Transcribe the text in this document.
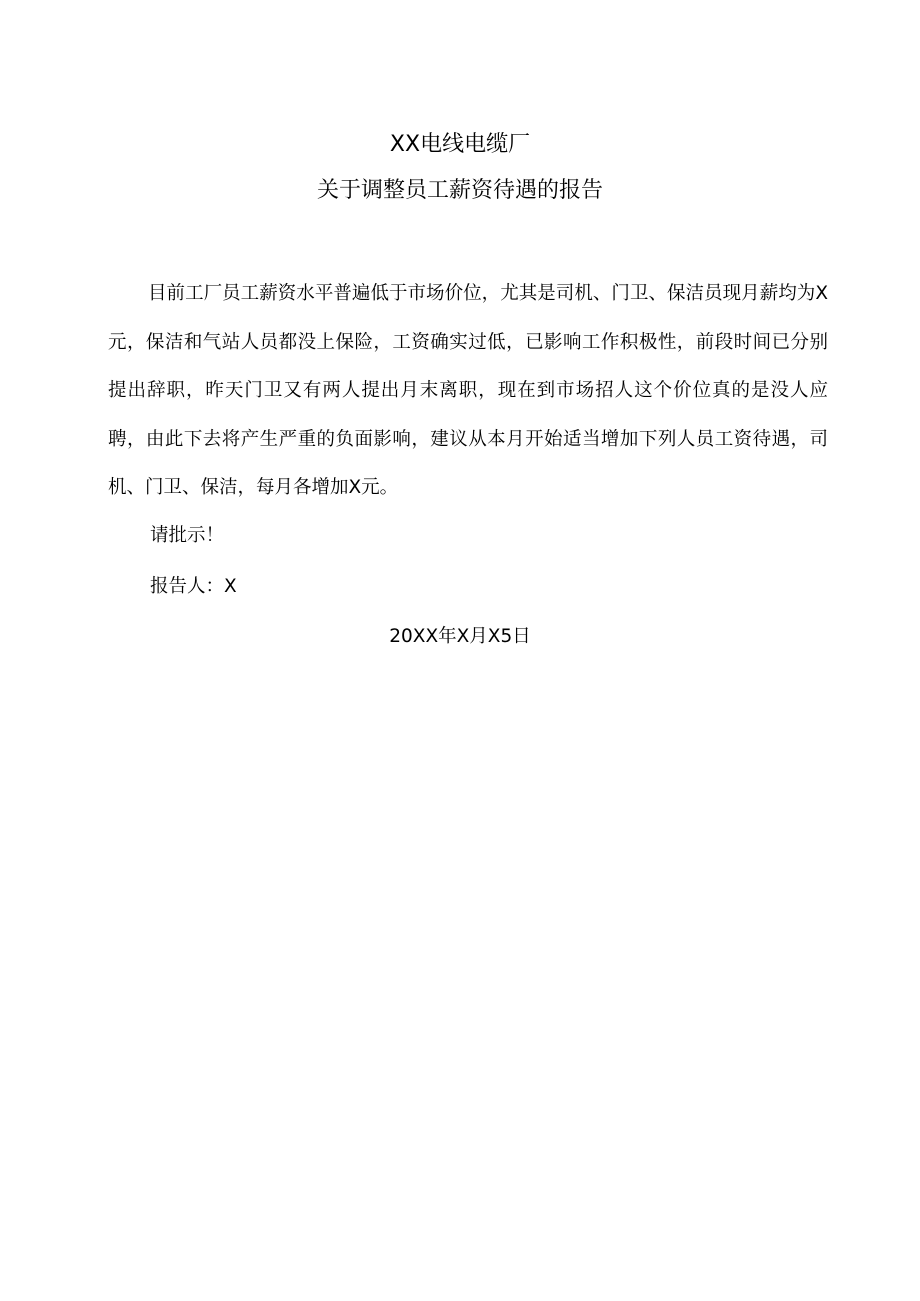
XX电线电缆厂
关于调整员工薪资待遇的报告
目前工厂员工薪资水平普遍低于市场价位，尤其是司机、门卫、保洁员现月薪均为X元，保洁和气站人员都没上保险，工资确实过低，已影响工作积极性，前段时间已分别提出辞职，昨天门卫又有两人提出月末离职，现在到市场招人这个价位真的是没人应聘，由此下去将产生严重的负面影响，建议从本月开始适当增加下列人员工资待遇，司机、门卫、保洁，每月各增加X元。
请批示！
报告人：X
20XX年X月X5日
